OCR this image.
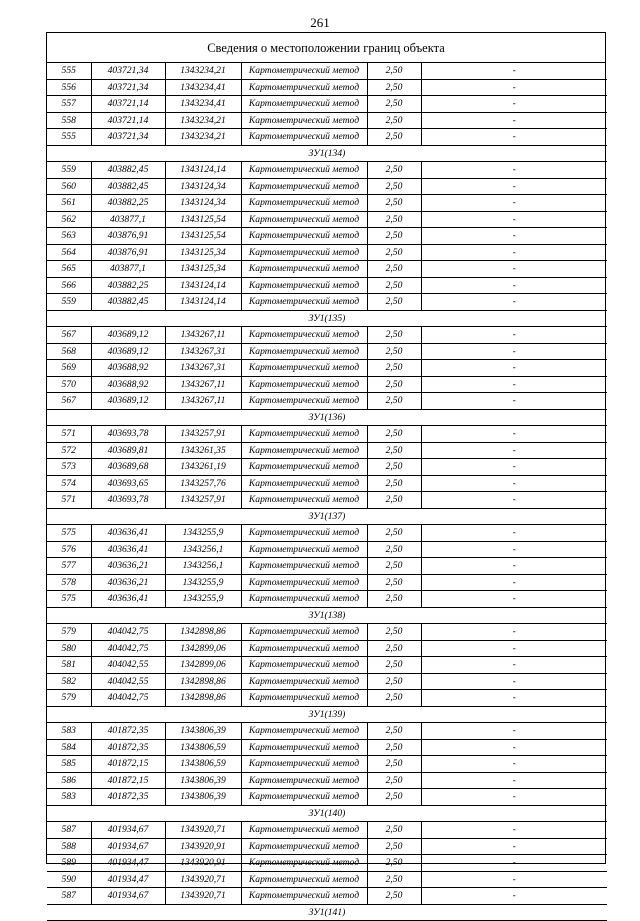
261
Сведения о местоположении границ объекта
555	403721,34	1343234,21	Картометрический метод	2,50	-
556	403721,34	1343234,41	Картометрический метод	2,50	-
557	403721,14	1343234,41	Картометрический метод	2,50	-
558	403721,14	1343234,21	Картометрический метод	2,50	-
555	403721,34	1343234,21	Картометрический метод	2,50	-
ЗУ1(134)					
559	403882,45	1343124,14	Картометрический метод	2,50	-
560	403882,45	1343124,34	Картометрический метод	2,50	-
561	403882,25	1343124,34	Картометрический метод	2,50	-
562	403877,1	1343125,54	Картометрический метод	2,50	-
563	403876,91	1343125,54	Картометрический метод	2,50	-
564	403876,91	1343125,34	Картометрический метод	2,50	-
565	403877,1	1343125,34	Картометрический метод	2,50	-
566	403882,25	1343124,14	Картометрический метод	2,50	-
559	403882,45	1343124,14	Картометрический метод	2,50	-
ЗУ1(135)					
567	403689,12	1343267,11	Картометрический метод	2,50	-
568	403689,12	1343267,31	Картометрический метод	2,50	-
569	403688,92	1343267,31	Картометрический метод	2,50	-
570	403688,92	1343267,11	Картометрический метод	2,50	-
567	403689,12	1343267,11	Картометрический метод	2,50	-
ЗУ1(136)					
571	403693,78	1343257,91	Картометрический метод	2,50	-
572	403689,81	1343261,35	Картометрический метод	2,50	-
573	403689,68	1343261,19	Картометрический метод	2,50	-
574	403693,65	1343257,76	Картометрический метод	2,50	-
571	403693,78	1343257,91	Картометрический метод	2,50	-
ЗУ1(137)					
575	403636,41	1343255,9	Картометрический метод	2,50	-
576	403636,41	1343256,1	Картометрический метод	2,50	-
577	403636,21	1343256,1	Картометрический метод	2,50	-
578	403636,21	1343255,9	Картометрический метод	2,50	-
575	403636,41	1343255,9	Картометрический метод	2,50	-
ЗУ1(138)					
579	404042,75	1342898,86	Картометрический метод	2,50	-
580	404042,75	1342899,06	Картометрический метод	2,50	-
581	404042,55	1342899,06	Картометрический метод	2,50	-
582	404042,55	1342898,86	Картометрический метод	2,50	-
579	404042,75	1342898,86	Картометрический метод	2,50	-
ЗУ1(139)					
583	401872,35	1343806,39	Картометрический метод	2,50	-
584	401872,35	1343806,59	Картометрический метод	2,50	-
585	401872,15	1343806,59	Картометрический метод	2,50	-
586	401872,15	1343806,39	Картометрический метод	2,50	-
583	401872,35	1343806,39	Картометрический метод	2,50	-
ЗУ1(140)					
587	401934,67	1343920,71	Картометрический метод	2,50	-
588	401934,67	1343920,91	Картометрический метод	2,50	-
589	401934,47	1343920,91	Картометрический метод	2,50	-
590	401934,47	1343920,71	Картометрический метод	2,50	-
587	401934,67	1343920,71	Картометрический метод	2,50	-
ЗУ1(141)					
